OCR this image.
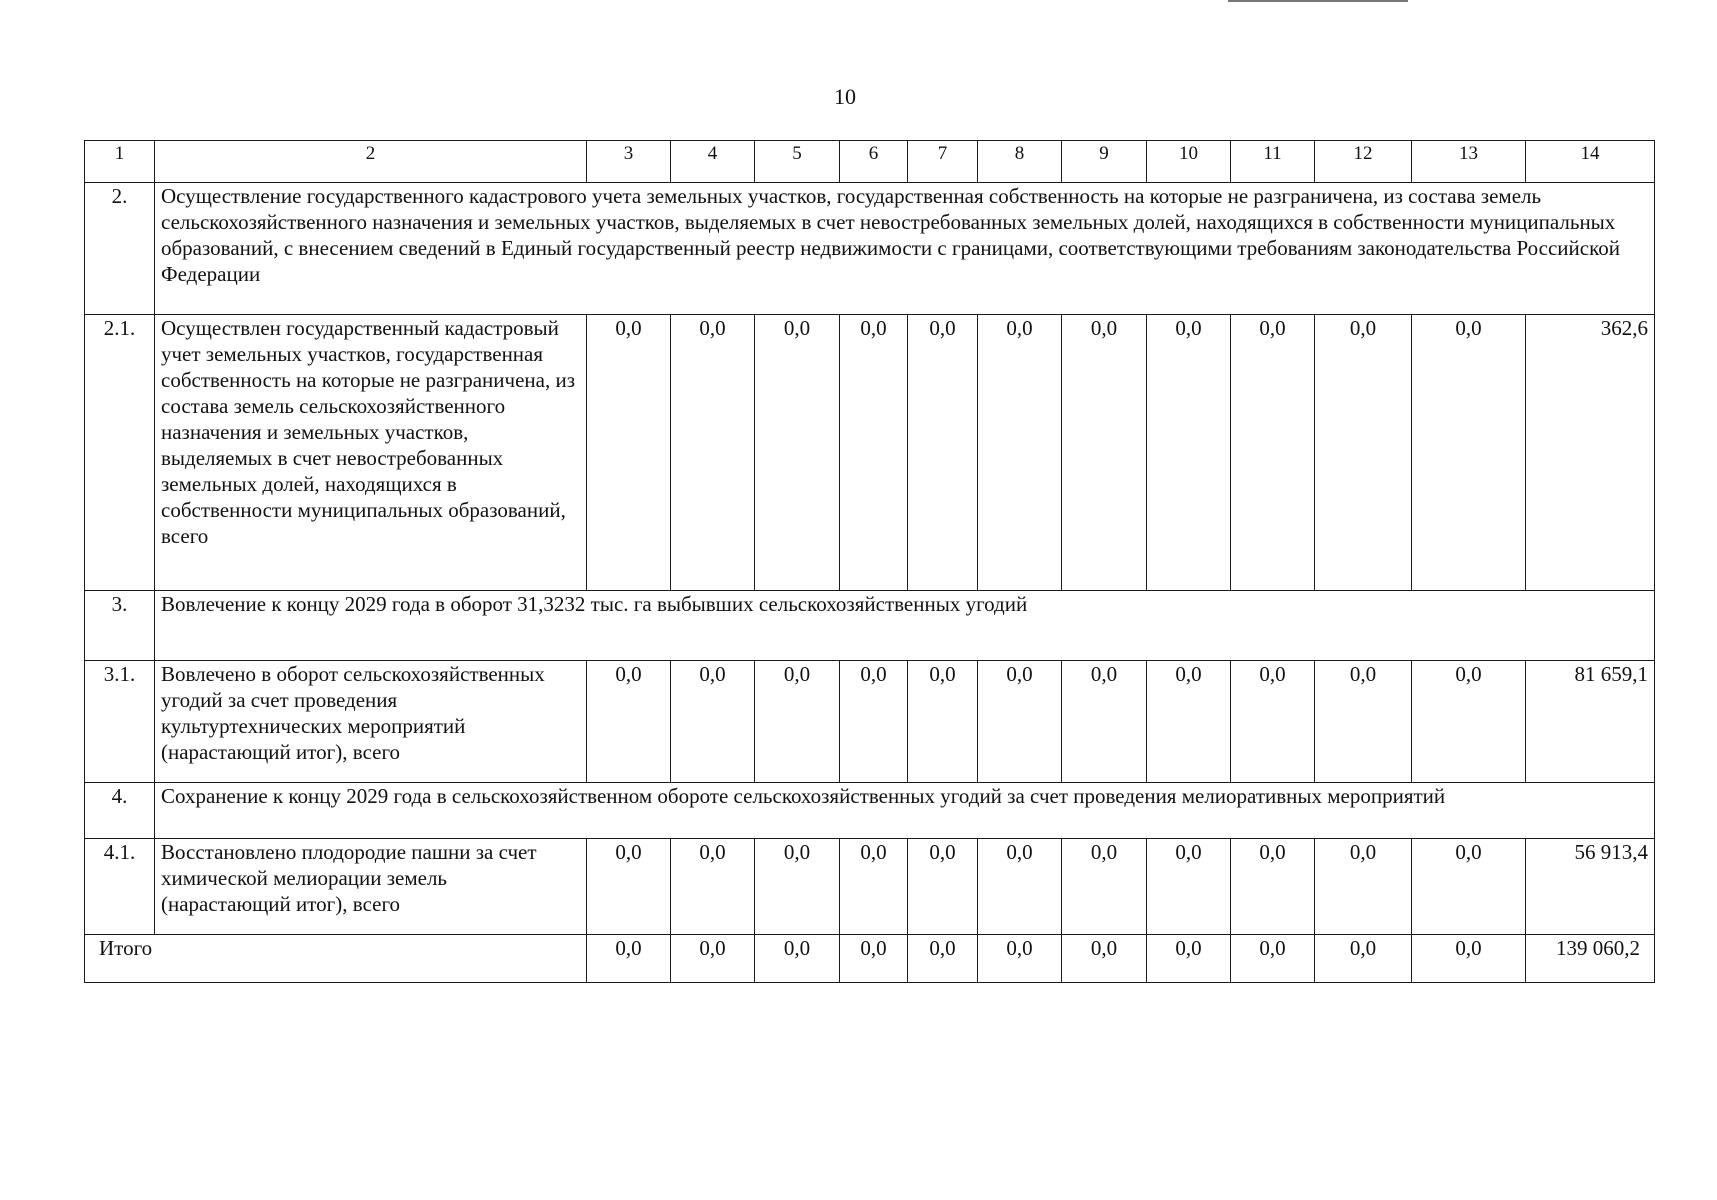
10
1	2	3	4	5	6	7	8	9	10	11	12	13	14
2.	Осуществление государственного кадастрового учета земельных участков, государственная собственность на которые не разграничена, из состава земель сельскохозяйственного назначения и земельных участков, выделяемых в счет невостребованных земельных долей, находящихся в собственности муниципальных образований, с внесением сведений в Единый государственный реестр недвижимости с границами, соответствующими требованиям законодательства Российской Федерации												
2.1.	Осуществлен государственный кадастровый учет земельных участков, государственная собственность на которые не разграничена, из состава земель сельскохозяйственного назначения и земельных участков, выделяемых в счет невостребованных земельных долей, находящихся в собственности муниципальных образований, всего	0,0	0,0	0,0	0,0	0,0	0,0	0,0	0,0	0,0	0,0	0,0	362,6
3.	Вовлечение к концу 2029 года в оборот 31,3232 тыс. га выбывших сельскохозяйственных угодий												
3.1.	Вовлечено в оборот сельскохозяйственных угодий за счет проведения культуртехнических мероприятий (нарастающий итог), всего	0,0	0,0	0,0	0,0	0,0	0,0	0,0	0,0	0,0	0,0	0,0	81 659,1
4.	Сохранение к концу 2029 года в сельскохозяйственном обороте сельскохозяйственных угодий за счет проведения мелиоративных мероприятий												
4.1.	Восстановлено плодородие пашни за счет химической мелиорации земель (нарастающий итог), всего	0,0	0,0	0,0	0,0	0,0	0,0	0,0	0,0	0,0	0,0	0,0	56 913,4
Итого		0,0	0,0	0,0	0,0	0,0	0,0	0,0	0,0	0,0	0,0	0,0	139 060,2
